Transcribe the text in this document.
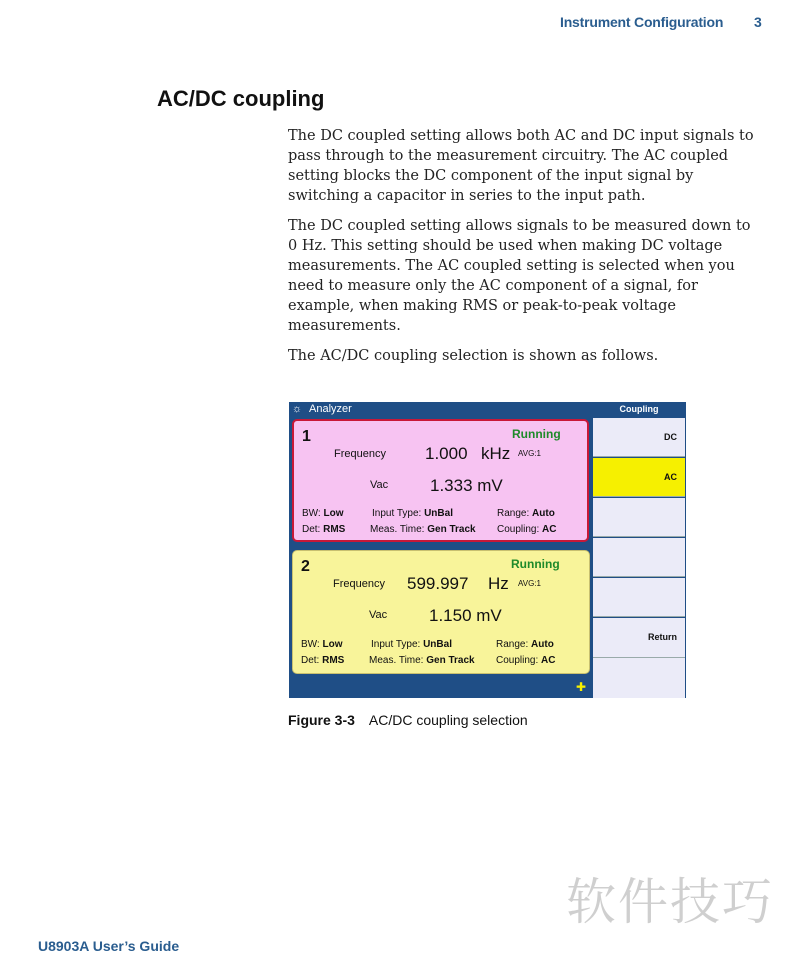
Instrument Configuration 3
AC/DC coupling

The DC coupled setting allows both AC and DC input signals to pass through to the measurement circuitry. The AC coupled setting blocks the DC component of the input signal by switching a capacitor in series to the input path.

The DC coupled setting allows signals to be measured down to 0 Hz. This setting should be used when making DC voltage measurements. The AC coupled setting is selected when you need to measure only the AC component of a signal, for example, when making RMS or peak-to-peak voltage measurements.

The AC/DC coupling selection is shown as follows.

☼ Analyzer
1	Running
Frequency 1.000 kHz AVG:1
Vac 1.333 mV
BW: Low
Det: RMS
Input Type: UnBal
Meas. Time: Gen Track
Range: Auto
Coupling: AC
2	Running
Frequency 599.997 Hz AVG:1
Vac 1.150 mV
BW: Low
Det: RMS
Input Type: UnBal
Meas. Time: Gen Track
Range: Auto
Coupling: AC
✚
Coupling
DC
AC
Return
Figure 3-3 AC/DC coupling selection
U8903A User’s Guide
软件技巧
